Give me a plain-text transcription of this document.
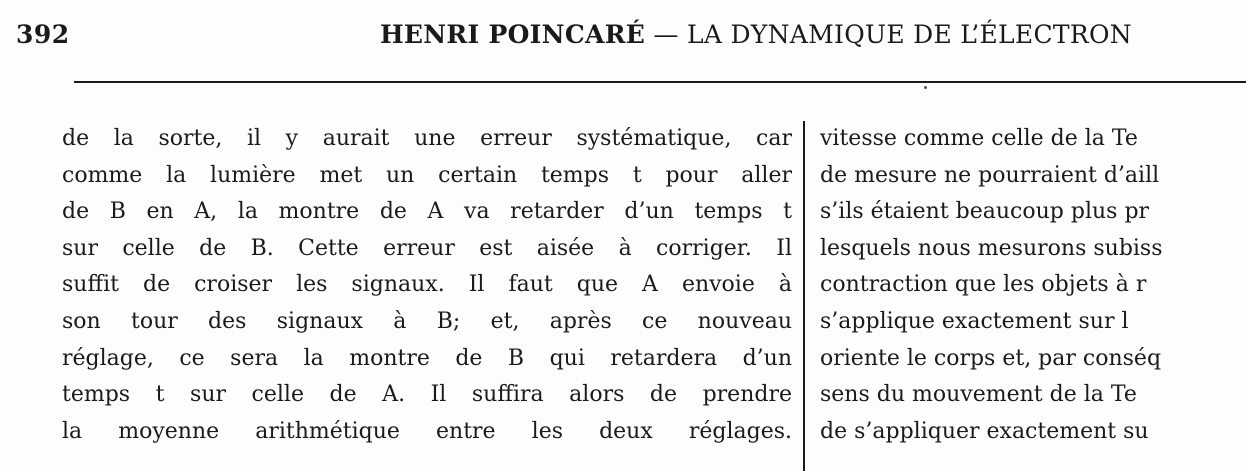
392	HENRI POINCARÉ — LA DYNAMIQUE DE L’ÉLECTRON
de la sorte, il y aurait une erreur systématique, car
comme la lumière met un certain temps t pour aller
de B en A, la montre de A va retarder d’un temps t
sur celle de B. Cette erreur est aisée à corriger. Il
suffit de croiser les signaux. Il faut que A envoie à
son tour des signaux à B; et, après ce nouveau
réglage, ce sera la montre de B qui retardera d’un
temps t sur celle de A. Il suffira alors de prendre
la moyenne arithmétique entre les deux réglages.
vitesse comme celle de la Te
de mesure ne pourraient d’aill
s’ils étaient beaucoup plus pr
lesquels nous mesurons subiss
contraction que les objets à r
s’applique exactement sur l
oriente le corps et, par conséq
sens du mouvement de la Te
de s’appliquer exactement su
